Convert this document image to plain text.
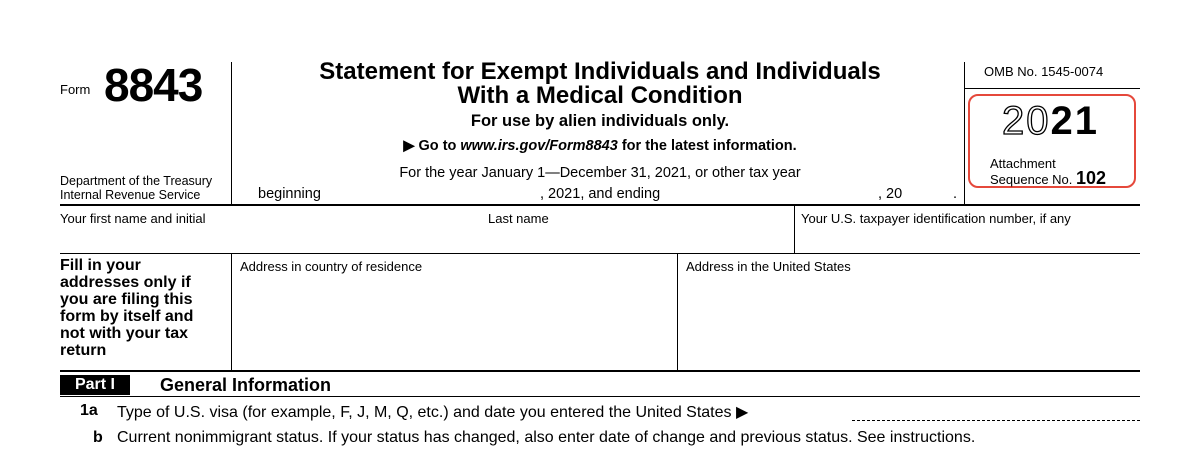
Form 8843
Department of the Treasury
Internal Revenue Service
Statement for Exempt Individuals and Individuals
With a Medical Condition
For use by alien individuals only.
▶ Go to www.irs.gov/Form8843 for the latest information.
For the year January 1—December 31, 2021, or other tax year
beginning	, 2021, and ending	, 20	.
OMB No. 1545-0074
2021
Attachment
Sequence No. 102
Your first name and initial	Last name	Your U.S. taxpayer identification number, if any
Fill in your
addresses only if
you are filing this
form by itself and
not with your tax
return
Address in country of residence	Address in the United States
Part I	General Information
1a Type of U.S. visa (for example, F, J, M, Q, etc.) and date you entered the United States ▶
b Current nonimmigrant status. If your status has changed, also enter date of change and previous status. See instructions.
